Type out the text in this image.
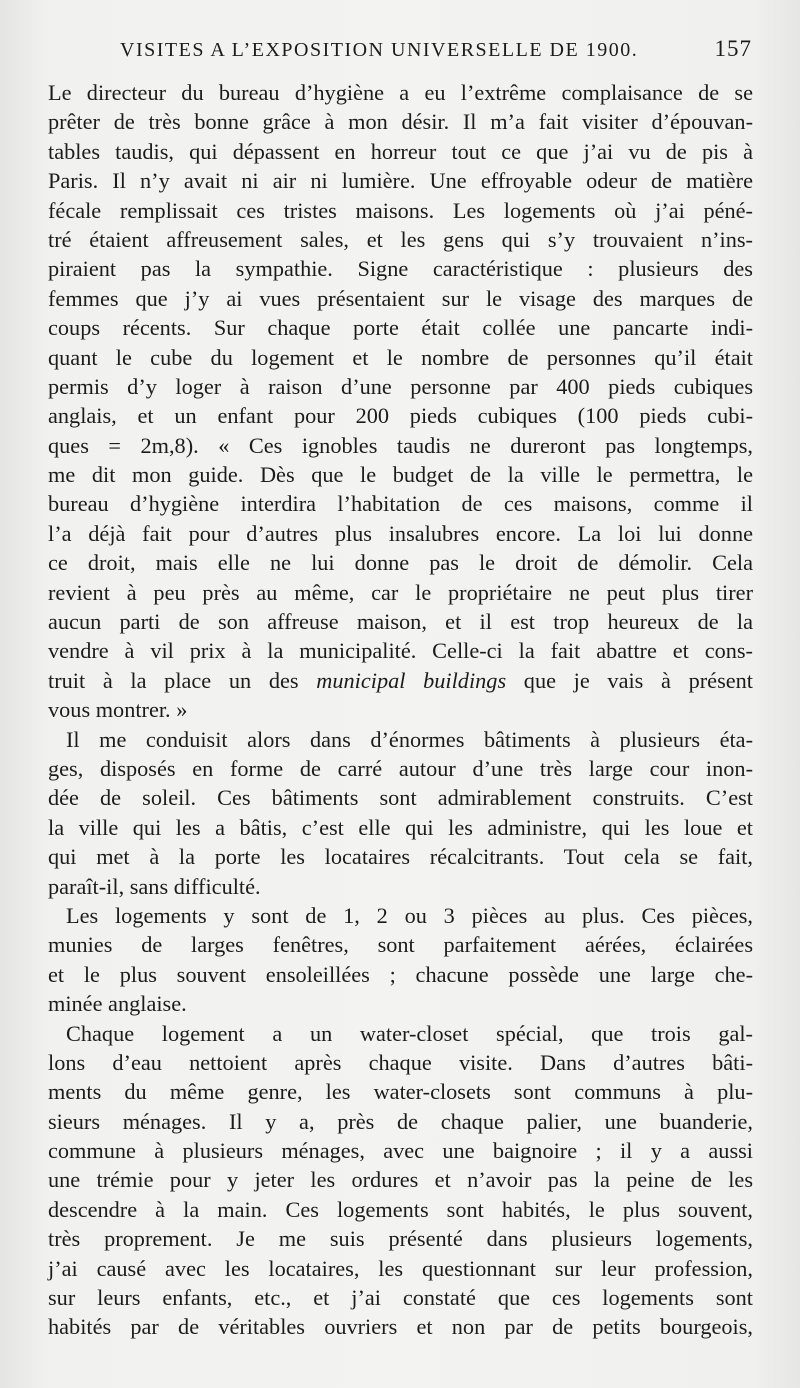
VISITES A L’EXPOSITION UNIVERSELLE DE 1900.	157
Le directeur du bureau d’hygiène a eu l’extrême complaisance de se
prêter de très bonne grâce à mon désir. Il m’a fait visiter d’épouvan-
tables taudis, qui dépassent en horreur tout ce que j’ai vu de pis à
Paris. Il n’y avait ni air ni lumière. Une effroyable odeur de matière
fécale remplissait ces tristes maisons. Les logements où j’ai péné-
tré étaient affreusement sales, et les gens qui s’y trouvaient n’ins-
piraient pas la sympathie. Signe caractéristique : plusieurs des
femmes que j’y ai vues présentaient sur le visage des marques de
coups récents. Sur chaque porte était collée une pancarte indi-
quant le cube du logement et le nombre de personnes qu’il était
permis d’y loger à raison d’une personne par 400 pieds cubiques
anglais, et un enfant pour 200 pieds cubiques (100 pieds cubi-
ques = 2m,8). « Ces ignobles taudis ne dureront pas longtemps,
me dit mon guide. Dès que le budget de la ville le permettra, le
bureau d’hygiène interdira l’habitation de ces maisons, comme il
l’a déjà fait pour d’autres plus insalubres encore. La loi lui donne
ce droit, mais elle ne lui donne pas le droit de démolir. Cela
revient à peu près au même, car le propriétaire ne peut plus tirer
aucun parti de son affreuse maison, et il est trop heureux de la
vendre à vil prix à la municipalité. Celle-ci la fait abattre et cons-
truit à la place un des municipal buildings que je vais à présent
vous montrer. »
Il me conduisit alors dans d’énormes bâtiments à plusieurs éta-
ges, disposés en forme de carré autour d’une très large cour inon-
dée de soleil. Ces bâtiments sont admirablement construits. C’est
la ville qui les a bâtis, c’est elle qui les administre, qui les loue et
qui met à la porte les locataires récalcitrants. Tout cela se fait,
paraît-il, sans difficulté.
Les logements y sont de 1, 2 ou 3 pièces au plus. Ces pièces,
munies de larges fenêtres, sont parfaitement aérées, éclairées
et le plus souvent ensoleillées ; chacune possède une large che-
minée anglaise.
Chaque logement a un water-closet spécial, que trois gal-
lons d’eau nettoient après chaque visite. Dans d’autres bâti-
ments du même genre, les water-closets sont communs à plu-
sieurs ménages. Il y a, près de chaque palier, une buanderie,
commune à plusieurs ménages, avec une baignoire ; il y a aussi
une trémie pour y jeter les ordures et n’avoir pas la peine de les
descendre à la main. Ces logements sont habités, le plus souvent,
très proprement. Je me suis présenté dans plusieurs logements,
j’ai causé avec les locataires, les questionnant sur leur profession,
sur leurs enfants, etc., et j’ai constaté que ces logements sont
habités par de véritables ouvriers et non par de petits bourgeois,
